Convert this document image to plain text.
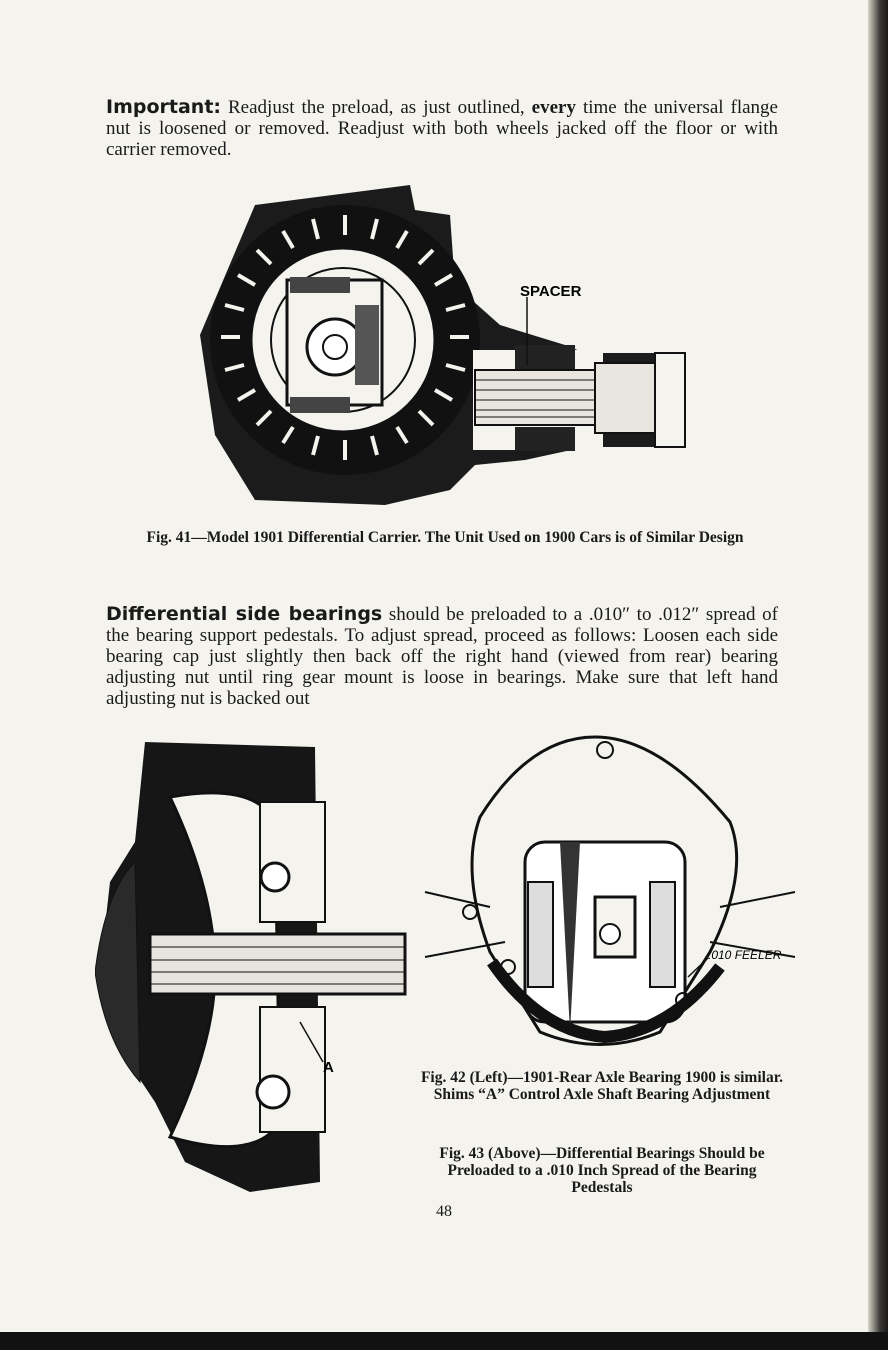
Important: Readjust the preload, as just outlined, every time the universal flange nut is loosened or removed. Readjust with both wheels jacked off the floor or with carrier removed.

SPACER

Fig. 41—Model 1901 Differential Carrier. The Unit Used on 1900 Cars is of Similar Design

Differential side bearings should be preloaded to a .010″ to .012″ spread of the bearing support pedestals. To adjust spread, proceed as follows: Loosen each side bearing cap just slightly then back off the right hand (viewed from rear) bearing adjusting nut until ring gear mount is loose in bearings. Make sure that left hand adjusting nut is backed out

A
.010 FEELER

Fig. 42 (Left)—1901-Rear Axle Bearing 1900 is similar. Shims “A” Control Axle Shaft Bearing Adjustment

Fig. 43 (Above)—Differential Bearings Should be Preloaded to a .010 Inch Spread of the Bearing Pedestals

48
